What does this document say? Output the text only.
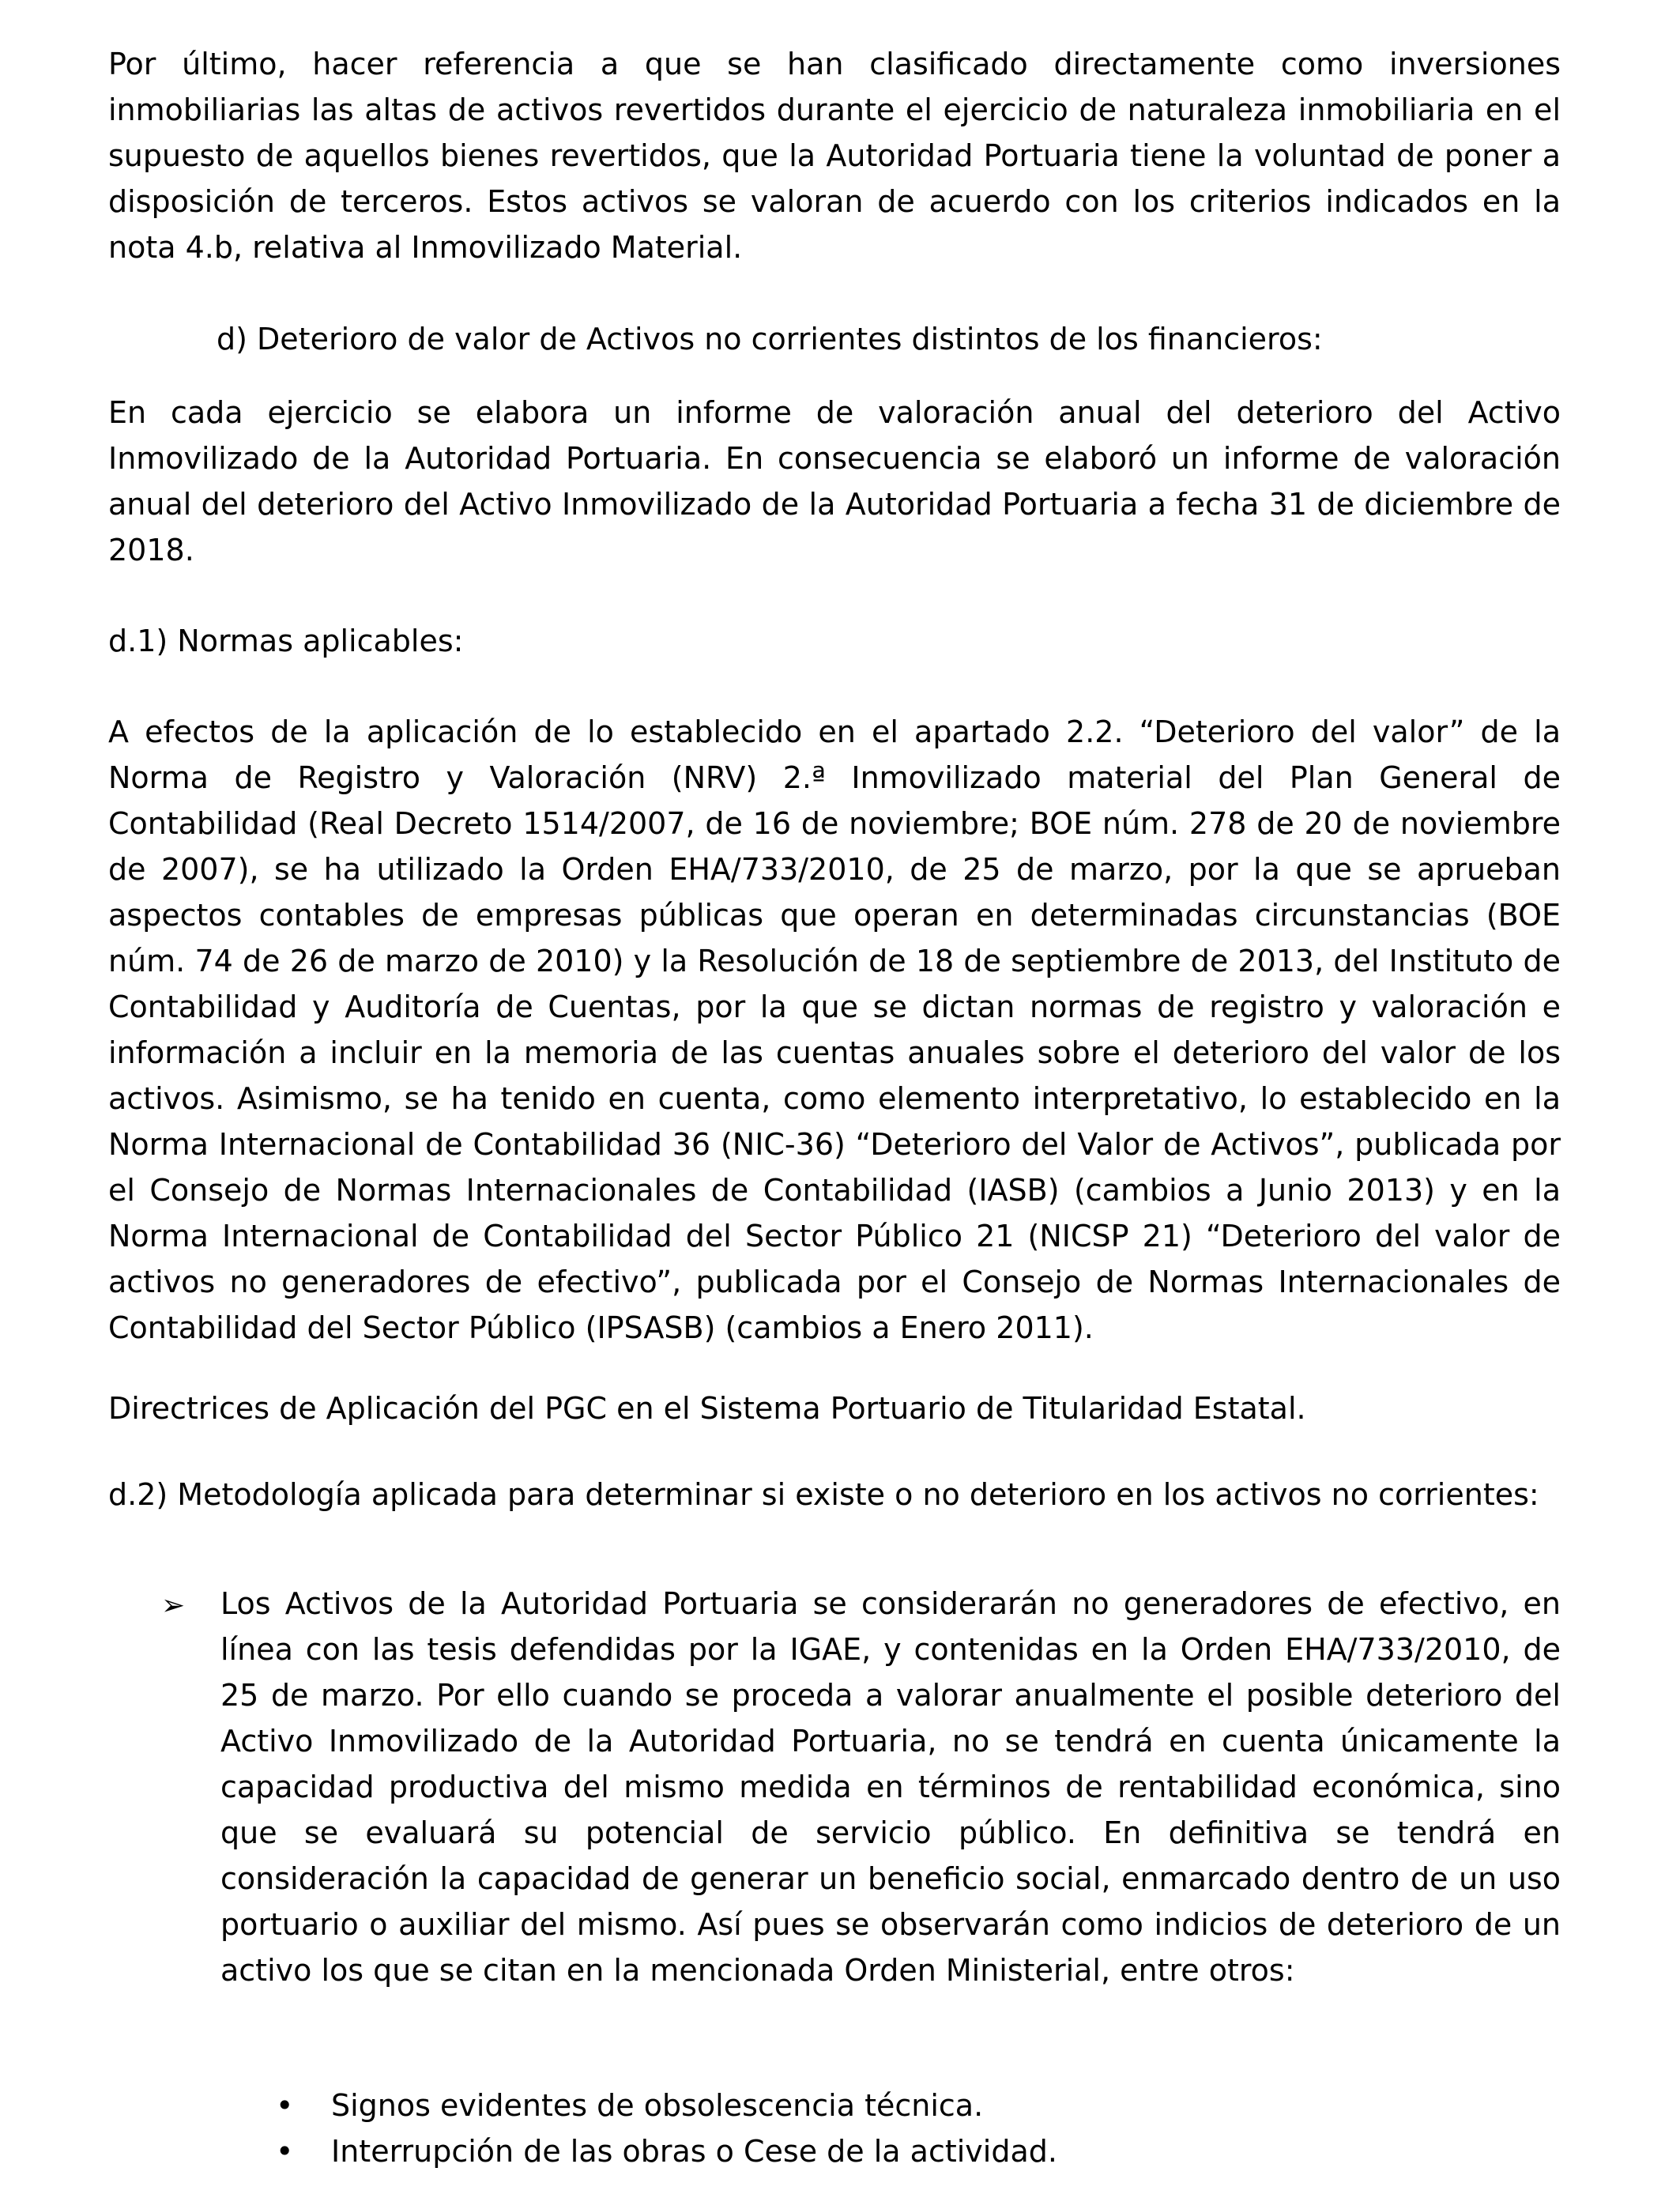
Por último, hacer referencia a que se han clasificado directamente como inversiones inmobiliarias las altas de activos revertidos durante el ejercicio de naturaleza inmobiliaria en el supuesto de aquellos bienes revertidos, que la Autoridad Portuaria tiene la voluntad de poner a disposición de terceros. Estos activos se valoran de acuerdo con los criterios indicados en la nota 4.b, relativa al Inmovilizado Material.

d) Deterioro de valor de Activos no corrientes distintos de los financieros:

En cada ejercicio se elabora un informe de valoración anual del deterioro del Activo Inmovilizado de la Autoridad Portuaria. En consecuencia se elaboró un informe de valoración anual del deterioro del Activo Inmovilizado de la Autoridad Portuaria a fecha 31 de diciembre de 2018.

d.1) Normas aplicables:

A efectos de la aplicación de lo establecido en el apartado 2.2. “Deterioro del valor” de la Norma de Registro y Valoración (NRV) 2.ª Inmovilizado material del Plan General de Contabilidad (Real Decreto 1514/2007, de 16 de noviembre; BOE núm. 278 de 20 de noviembre de 2007), se ha utilizado la Orden EHA/733/2010, de 25 de marzo, por la que se aprueban aspectos contables de empresas públicas que operan en determinadas circunstancias (BOE núm. 74 de 26 de marzo de 2010) y la Resolución de 18 de septiembre de 2013, del Instituto de Contabilidad y Auditoría de Cuentas, por la que se dictan normas de registro y valoración e información a incluir en la memoria de las cuentas anuales sobre el deterioro del valor de los activos. Asimismo, se ha tenido en cuenta, como elemento interpretativo, lo establecido en la Norma Internacional de Contabilidad 36 (NIC-36) “Deterioro del Valor de Activos”, publicada por el Consejo de Normas Internacionales de Contabilidad (IASB) (cambios a Junio 2013) y en la Norma Internacional de Contabilidad del Sector Público 21 (NICSP 21) “Deterioro del valor de activos no generadores de efectivo”, publicada por el Consejo de Normas Internacionales de Contabilidad del Sector Público (IPSASB) (cambios a Enero 2011).

Directrices de Aplicación del PGC en el Sistema Portuario de Titularidad Estatal.

d.2) Metodología aplicada para determinar si existe o no deterioro en los activos no corrientes:

➢ Los Activos de la Autoridad Portuaria se considerarán no generadores de efectivo, en línea con las tesis defendidas por la IGAE, y contenidas en la Orden EHA/733/2010, de 25 de marzo. Por ello cuando se proceda a valorar anualmente el posible deterioro del Activo Inmovilizado de la Autoridad Portuaria, no se tendrá en cuenta únicamente la capacidad productiva del mismo medida en términos de rentabilidad económica, sino que se evaluará su potencial de servicio público. En definitiva se tendrá en consideración la capacidad de generar un beneficio social, enmarcado dentro de un uso portuario o auxiliar del mismo. Así pues se observarán como indicios de deterioro de un activo los que se citan en la mencionada Orden Ministerial, entre otros:

• Signos evidentes de obsolescencia técnica.
• Interrupción de las obras o Cese de la actividad.
